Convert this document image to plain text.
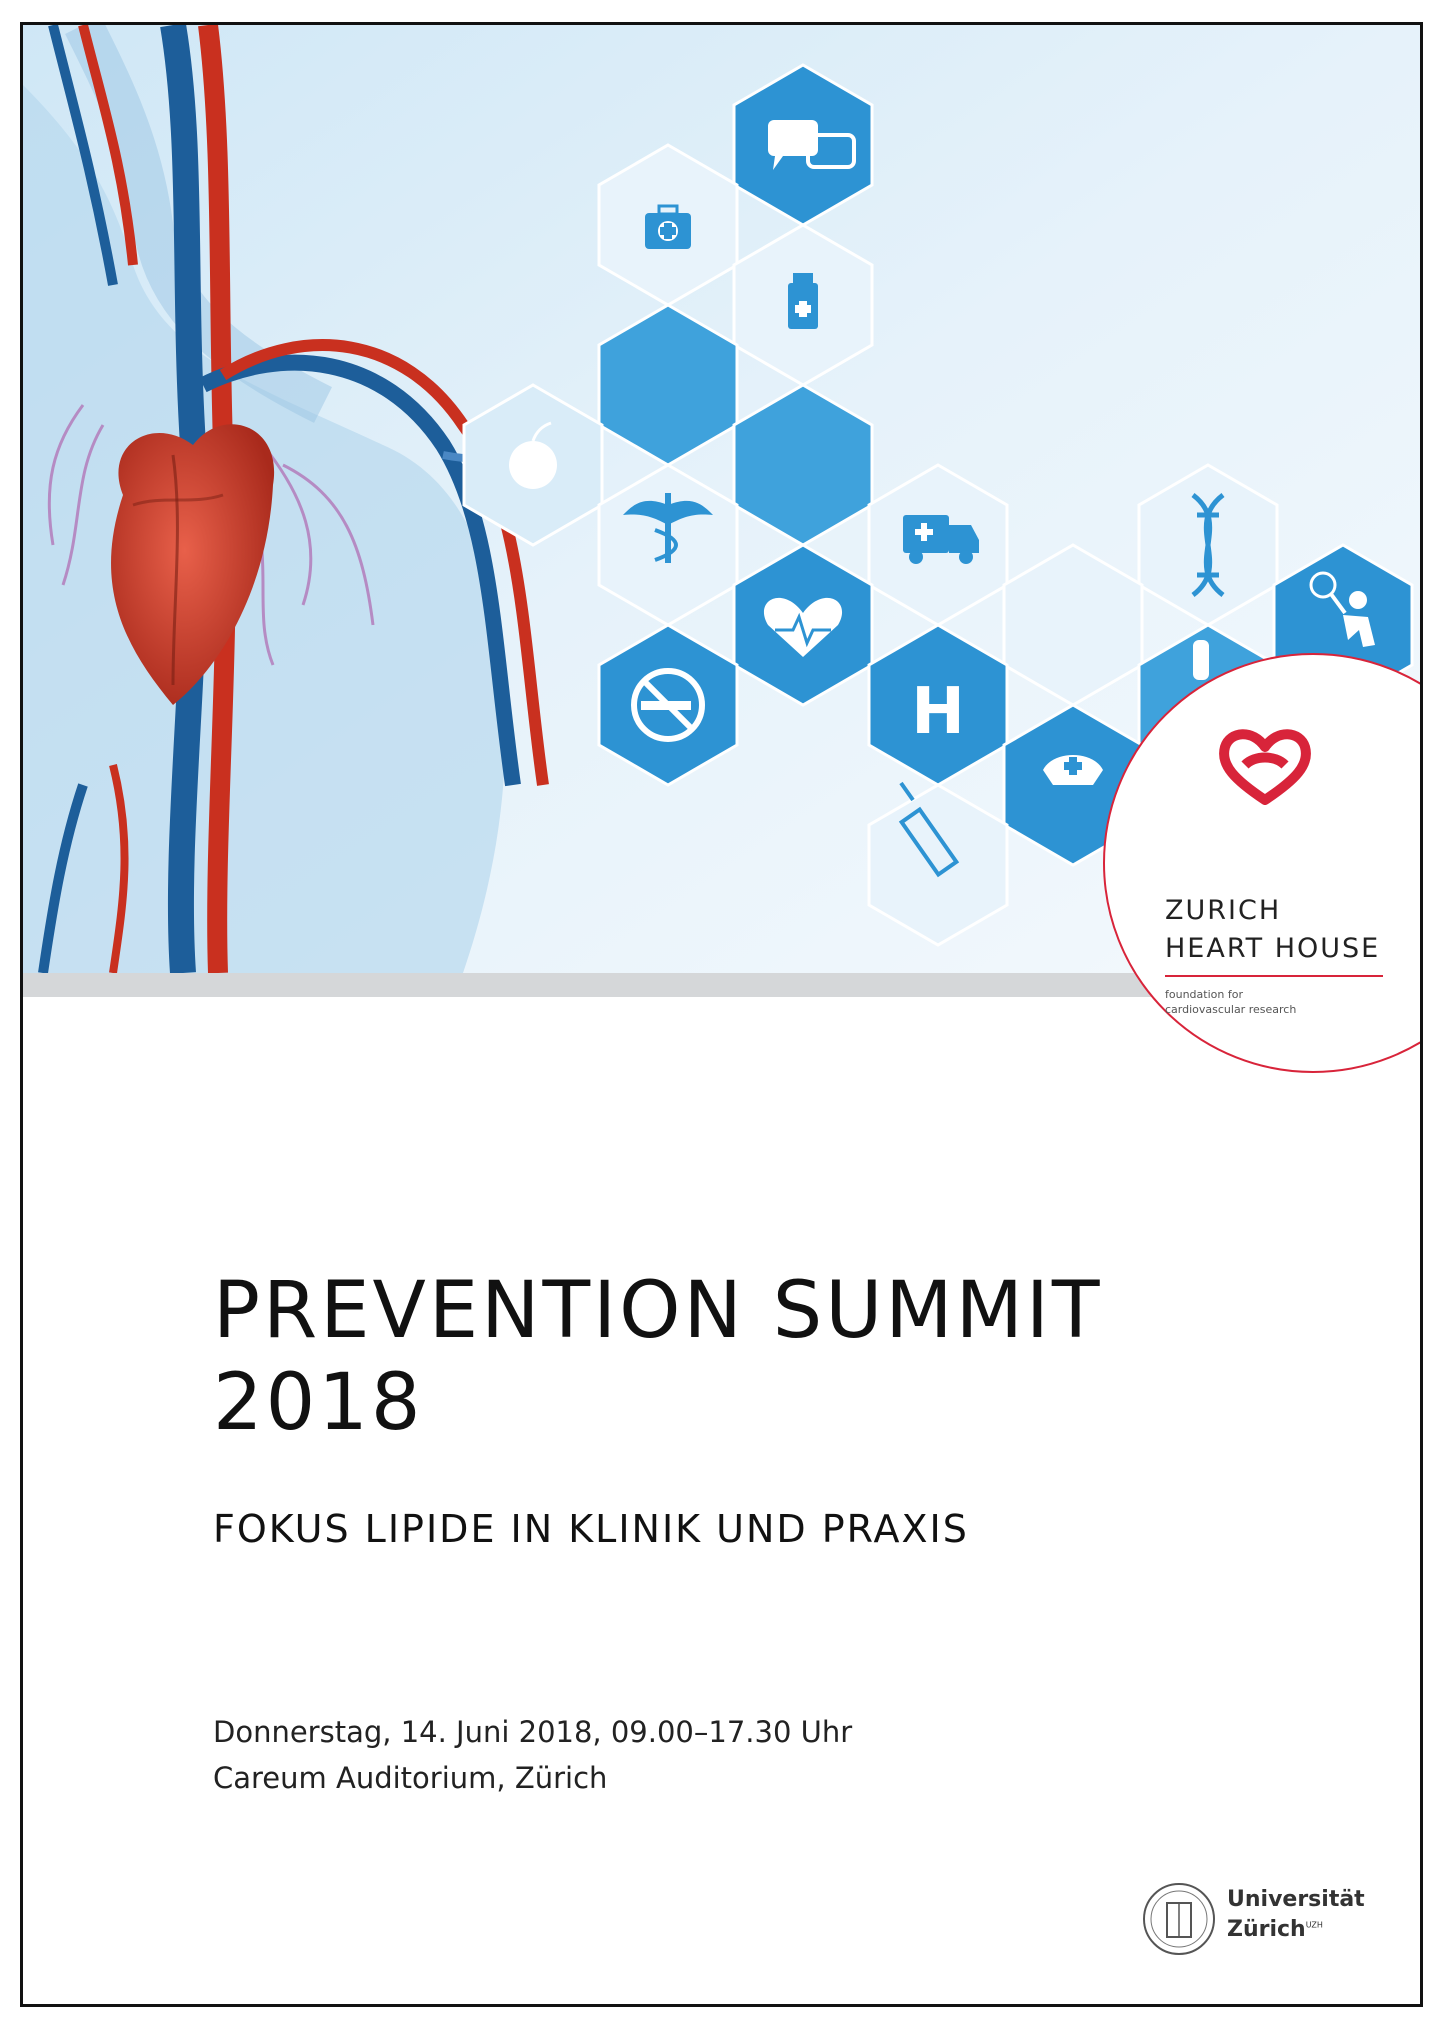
H
ZURICH
HEART HOUSE
foundation for cardiovascular research
PREVENTION SUMMIT
2018
FOKUS LIPIDE IN KLINIK UND PRAXIS
Donnerstag, 14. Juni 2018, 09.00–17.30 Uhr
Careum Auditorium, Zürich
Universität
Zürich$^{UZH}$
